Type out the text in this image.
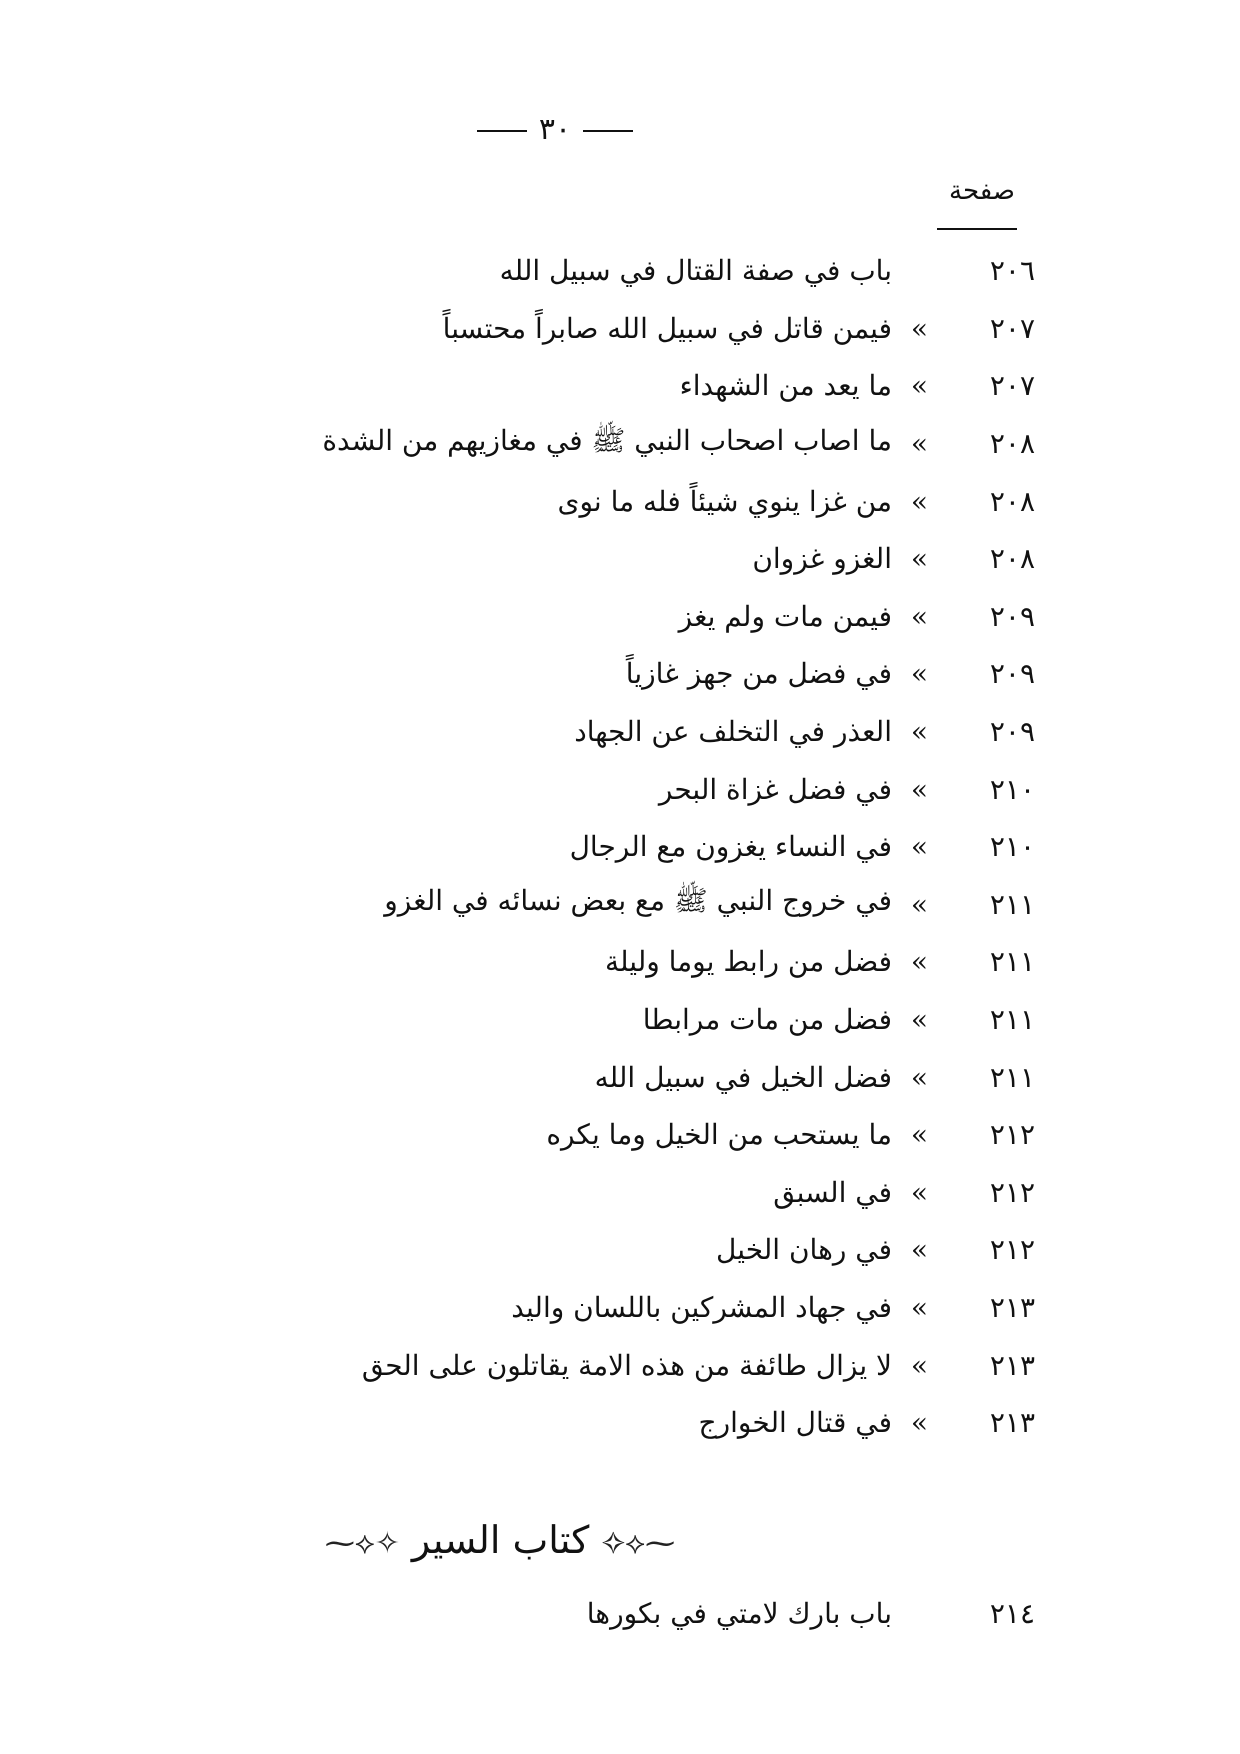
٣٠
صفحة
٢٠٦
باب في صفة القتال في سبيل الله
٢٠٧
»
فيمن قاتل في سبيل الله صابراً محتسباً
٢٠٧
»
ما يعد من الشهداء
٢٠٨
»
ما اصاب اصحاب النبي ﷺ في مغازيهم من الشدة
٢٠٨
»
من غزا ينوي شيئاً فله ما نوى
٢٠٨
»
الغزو غزوان
٢٠٩
»
فيمن مات ولم يغز
٢٠٩
»
في فضل من جهز غازياً
٢٠٩
»
العذر في التخلف عن الجهاد
٢١٠
»
في فضل غزاة البحر
٢١٠
»
في النساء يغزون مع الرجال
٢١١
»
في خروج النبي ﷺ مع بعض نسائه في الغزو
٢١١
»
فضل من رابط يوما وليلة
٢١١
»
فضل من مات مرابطا
٢١١
»
فضل الخيل في سبيل الله
٢١٢
»
ما يستحب من الخيل وما يكره
٢١٢
»
في السبق
٢١٢
»
في رهان الخيل
٢١٣
»
في جهاد المشركين باللسان واليد
٢١٣
»
لا يزال طائفة من هذه الامة يقاتلون على الحق
٢١٣
»
في قتال الخوارج
⁓⟡✧ كتاب السير ✧⟡⁓
٢١٤
باب بارك لامتي في بكورها
